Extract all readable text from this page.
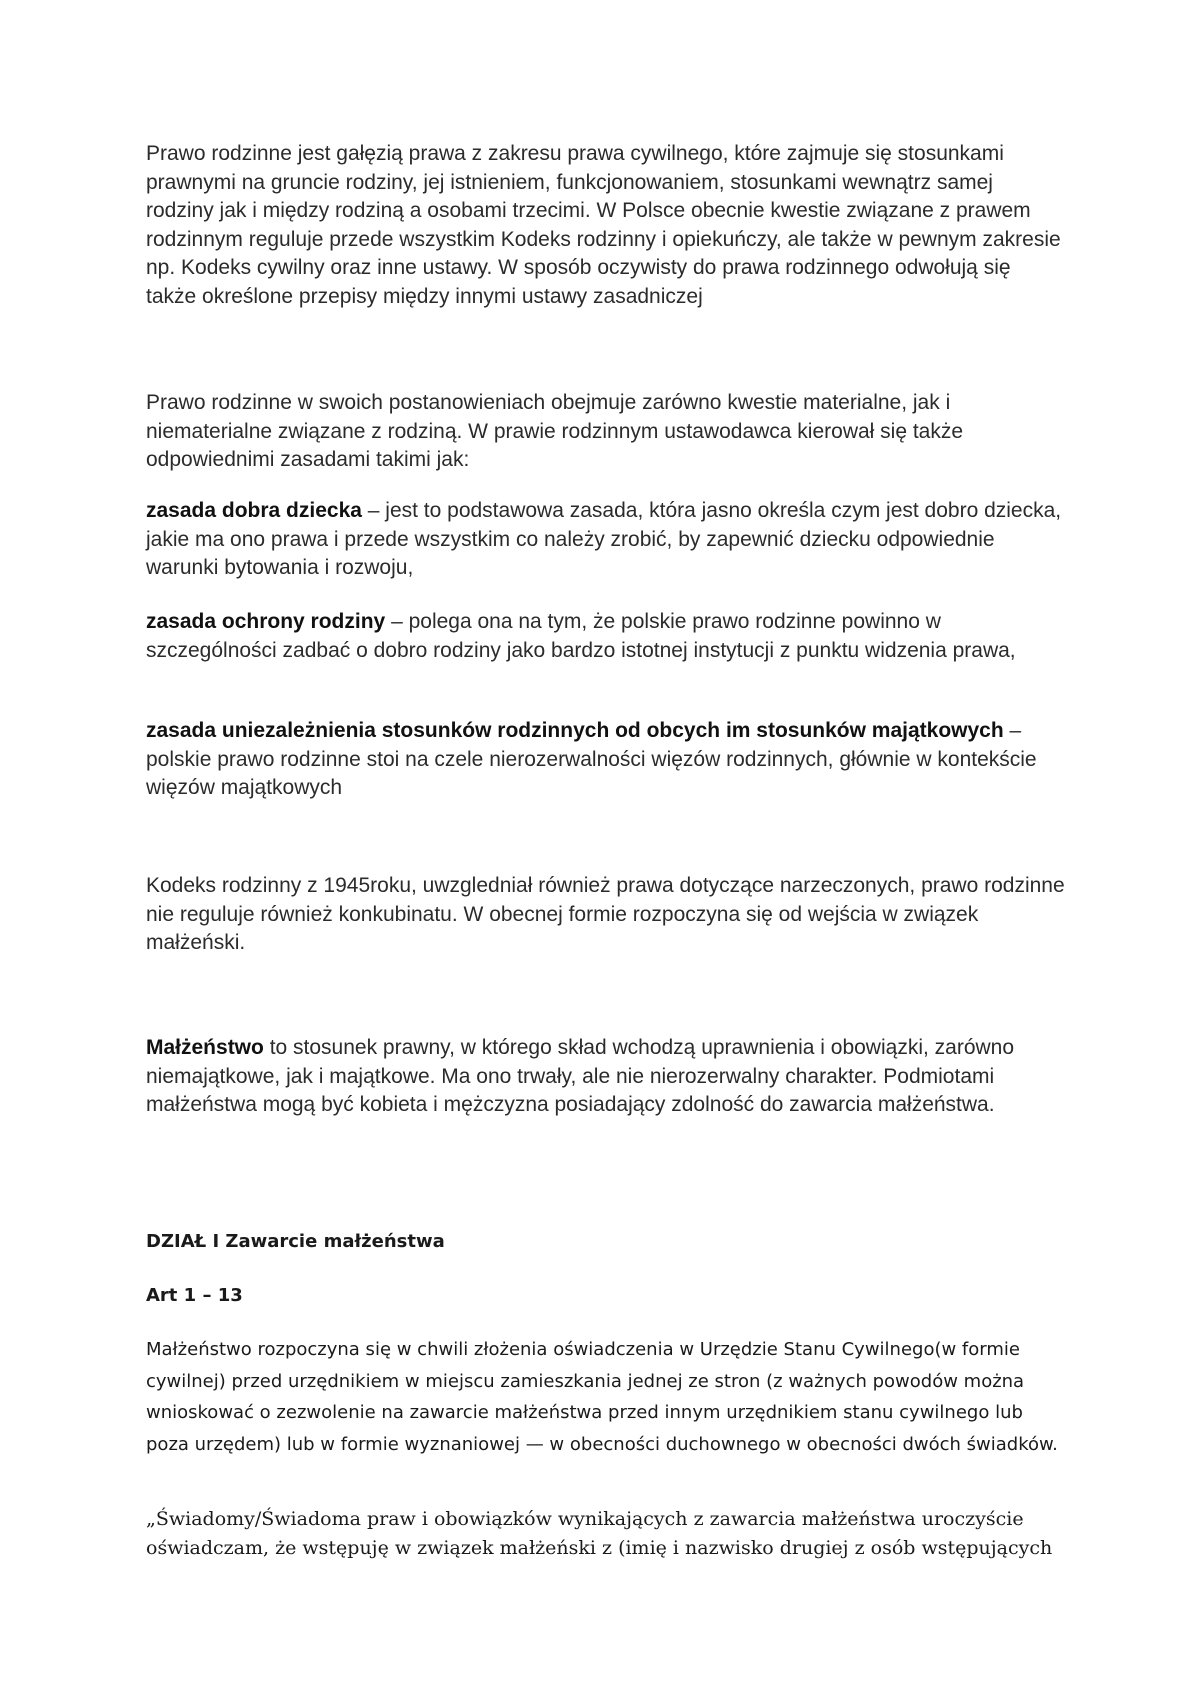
Prawo rodzinne jest gałęzią prawa z zakresu prawa cywilnego, które zajmuje się stosunkami prawnymi na gruncie rodziny, jej istnieniem, funkcjonowaniem, stosunkami wewnątrz samej rodziny jak i między rodziną a osobami trzecimi. W Polsce obecnie kwestie związane z prawem rodzinnym reguluje przede wszystkim Kodeks rodzinny i opiekuńczy, ale także w pewnym zakresie np. Kodeks cywilny oraz inne ustawy. W sposób oczywisty do prawa rodzinnego odwołują się także określone przepisy między innymi ustawy zasadniczej

Prawo rodzinne w swoich postanowieniach obejmuje zarówno kwestie materialne, jak i niematerialne związane z rodziną. W prawie rodzinnym ustawodawca kierował się także odpowiednimi zasadami takimi jak:

zasada dobra dziecka – jest to podstawowa zasada, która jasno określa czym jest dobro dziecka, jakie ma ono prawa i przede wszystkim co należy zrobić, by zapewnić dziecku odpowiednie warunki bytowania i rozwoju,

zasada ochrony rodziny – polega ona na tym, że polskie prawo rodzinne powinno w szczególności zadbać o dobro rodziny jako bardzo istotnej instytucji z punktu widzenia prawa,

zasada uniezależnienia stosunków rodzinnych od obcych im stosunków majątkowych – polskie prawo rodzinne stoi na czele nierozerwalności więzów rodzinnych, głównie w kontekście więzów majątkowych

Kodeks rodzinny z 1945roku, uwzgledniał również prawa dotyczące narzeczonych, prawo rodzinne nie reguluje również konkubinatu. W obecnej formie rozpoczyna się od wejścia w związek małżeński.

Małżeństwo to stosunek prawny, w którego skład wchodzą uprawnienia i obowiązki, zarówno niemajątkowe, jak i majątkowe. Ma ono trwały, ale nie nierozerwalny charakter. Podmiotami małżeństwa mogą być kobieta i mężczyzna posiadający zdolność do zawarcia małżeństwa.

DZIAŁ I Zawarcie małżeństwa

Art 1 – 13

Małżeństwo rozpoczyna się w chwili złożenia oświadczenia w Urzędzie Stanu Cywilnego(w formie cywilnej) przed urzędnikiem w miejscu zamieszkania jednej ze stron (z ważnych powodów można wnioskować o zezwolenie na zawarcie małżeństwa przed innym urzędnikiem stanu cywilnego lub poza urzędem) lub w formie wyznaniowej — w obecności duchownego w obecności dwóch świadków.

„Świadomy/Świadoma praw i obowiązków wynikających z zawarcia małżeństwa uroczyście oświadczam, że wstępuję w związek małżeński z (imię i nazwisko drugiej z osób wstępujących
